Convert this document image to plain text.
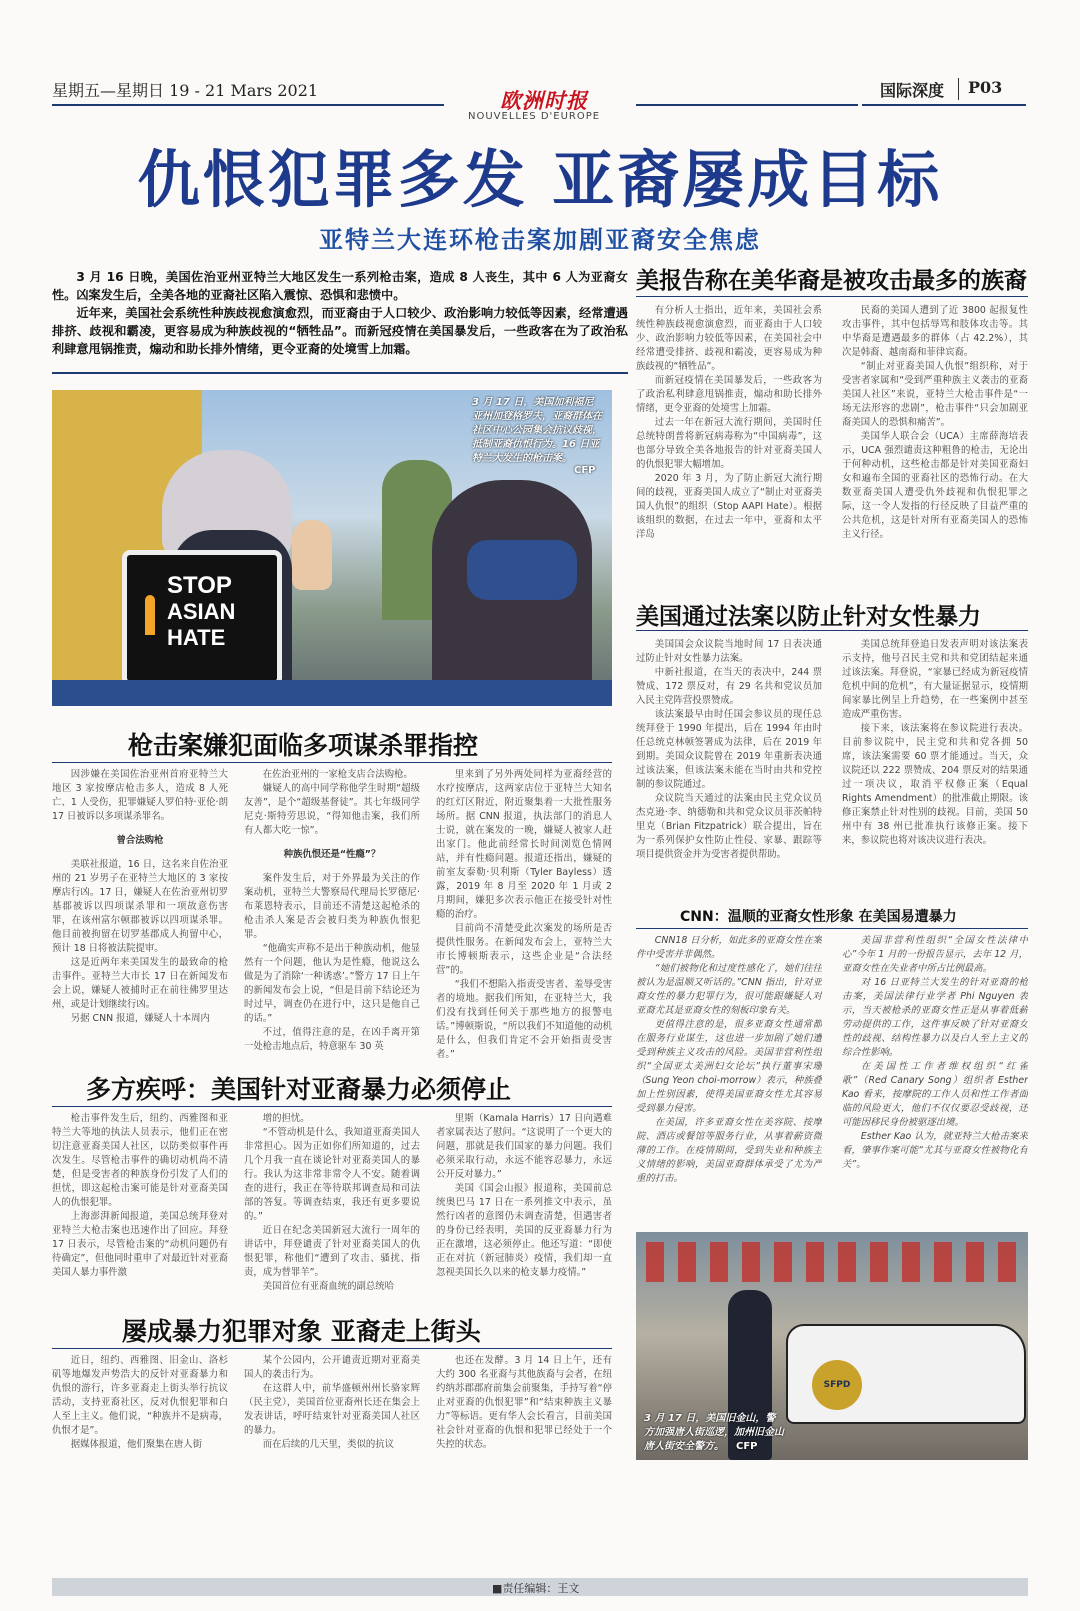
星期五—星期日 19 - 21 Mars 2021	欧洲时报
NOUVELLES D'EUROPE
国际深度 P03
仇恨犯罪多发 亚裔屡成目标
亚特兰大连环枪击案加剧亚裔安全焦虑

3 月 16 日晚，美国佐治亚州亚特兰大地区发生一系列枪击案，造成 8 人丧生，其中 6 人为亚裔女性。凶案发生后，全美各地的亚裔社区陷入震惊、恐惧和悲愤中。

近年来，美国社会系统性种族歧视愈演愈烈，而亚裔由于人口较少、政治影响力较低等因素，经常遭遇排挤、歧视和霸凌，更容易成为种族歧视的“牺牲品”。而新冠疫情在美国暴发后，一些政客在为了政治私利肆意甩锅推责，煽动和助长排外情绪，更令亚裔的处境雪上加霜。

STOP
ASIAN
HATE
3 月 17 日，美国加利福尼亚州加登格罗夫，亚裔群体在社区中心公园集会抗议歧视，抵制亚裔仇恨行为。16 日亚特兰大发生的枪击案。
CFP
美报告称在美华裔是被攻击最多的族裔

有分析人士指出，近年来，美国社会系统性种族歧视愈演愈烈，而亚裔由于人口较少、政治影响力较低等因素，在美国社会中经常遭受排挤、歧视和霸凌，更容易成为种族歧视的“牺牲品”。

而新冠疫情在美国暴发后，一些政客为了政治私利肆意甩锅推责，煽动和助长排外情绪，更令亚裔的处境雪上加霜。

过去一年在新冠大流行期间，美国时任总统特朗普将新冠病毒称为“中国病毒”，这也部分导致全美各地报告的针对亚裔美国人的仇恨犯罪大幅增加。

2020 年 3 月，为了防止新冠大流行期间的歧视，亚裔美国人成立了“制止对亚裔美国人仇恨”的组织（Stop AAPI Hate）。根据该组织的数据，在过去一年中，亚裔和太平洋岛

民裔的美国人遭到了近 3800 起报复性攻击事件，其中包括辱骂和肢体攻击等。其中华裔是遭遇最多的群体（占 42.2%），其次是韩裔、越南裔和菲律宾裔。

“制止对亚裔美国人仇恨”组织称，对于受害者家属和“受到严重种族主义袭击的亚裔美国人社区”来说，亚特兰大枪击事件是“一场无法形容的悲剧”，枪击事件“只会加剧亚裔美国人的恐惧和痛苦”。

美国华人联合会（UCA）主席薛海培表示，UCA 强烈谴责这种粗鲁的枪击，无论出于何种动机，这些枪击都是针对美国亚裔妇女和遍布全国的亚裔社区的恐怖行动。在大数亚裔美国人遭受仇外歧视和仇恨犯罪之际，这一令人发指的行径反映了目益严重的公共危机，这是针对所有亚裔美国人的恐怖主义行径。

美国通过法案以防止针对女性暴力

美国国会众议院当地时间 17 日表决通过防止针对女性暴力法案。

中新社报道，在当天的表决中，244 票赞成、172 票反对，有 29 名共和党议员加入民主党阵营投票赞成。

该法案最早由时任国会参议员的现任总统拜登于 1990 年提出，后在 1994 年由时任总统克林顿签署成为法律，后在 2019 年到期。美国众议院曾在 2019 年重新表决通过该法案，但该法案未能在当时由共和党控制的参议院通过。

众议院当天通过的法案由民主党众议员杰克逊·李、纳德勒和共和党众议员菲茨帕特里克（Brian Fitzpatrick）联合提出，旨在为一系列保护女性防止性侵、家暴、跟踪等项目提供资金并为受害者提供帮助。

美国总统拜登追日发表声明对该法案表示支持，他号召民主党和共和党团结起来通过该法案。拜登说，“家暴已经成为新冠疫情危机中间的危机”，有大量证据显示，疫情期间家暴比例呈上升趋势，在一些案例中甚至造成严重伤害。

接下来，该法案将在参议院进行表决。目前参议院中，民主党和共和党各拥 50 席，该法案需要 60 票才能通过。当天，众议院还以 222 票赞成、204 票反对的结果通过一项决议，取消平权修正案（Equal Rights Amendment）的批准截止期限。该修正案禁止针对性别的歧视。目前，美国 50 州中有 38 州已批准执行该修正案。接下来，参议院也将对该决议进行表决。

CNN：温顺的亚裔女性形象 在美国易遭暴力

CNN18 日分析，如此多的亚裔女性在案件中受害并非偶然。

“她们被物化和过度性感化了，她们往往被认为是温顺又听话的。”CNN 指出，针对亚裔女性的暴力犯罪行为，很可能跟嫌疑人对亚裔尤其是亚裔女性的刻板印象有关。

更值得注意的是，很多亚裔女性通常都在服务行业谋生，这也进一步加剧了她们遭受到种族主义攻击的风险。美国非营利性组织“全国亚太美洲妇女论坛”执行董事宋珊（Sung Yeon choi-morrow）表示，种族叠加上性别因素，使得美国亚裔女性尤其容易受到暴力侵害。

在美国，许多亚裔女性在美容院、按摩院、酒店或餐馆等服务行业，从事着薪资微薄的工作。在疫情期间，受到失业和种族主义情绪的影响，美国亚裔群体承受了尤为严重的打击。

美国非营利性组织“全国女性法律中心”今年 1 月的一份报告显示，去年 12 月，亚裔女性在失业者中所占比例最高。

对 16 日亚特兰大发生的针对亚裔的枪击案，美国法律行业学者 Phi Nguyen 表示，当天被枪杀的亚裔女性正是从事着低薪劳动提供的工作，这件事反映了针对亚裔女性的歧视、结构性暴力以及白人至上主义的综合性影响。

在美国性工作者维权组织“红雀歌”（Red Canary Song）组织者 Esther Kao 看来，按摩院的工作人员和性工作者面临的风险更大，他们不仅仅要忍受歧视，还可能因移民身份被驱逐出境。

Esther Kao 认为，就亚特兰大枪击案来看，肇事作案可能“尤其与亚裔女性被物化有关”。

枪击案嫌犯面临多项谋杀罪指控

因涉嫌在美国佐治亚州首府亚特兰大地区 3 家按摩店枪击多人，造成 8 人死亡、1 人受伤，犯罪嫌疑人罗伯特·亚伦·朗 17 日被诉以多项谋杀罪名。

曾合法购枪

美联社报道，16 日，这名来自佐治亚州的 21 岁男子在亚特兰大地区的 3 家按摩店行凶。17 日，嫌疑人在佐治亚州切罗基郡被诉以四项谋杀罪和一项故意伤害罪，在该州富尔顿郡被诉以四项谋杀罪。他目前被拘留在切罗基郡成人拘留中心，预计 18 日将被法院提审。

这是近两年来美国发生的最致命的枪击事件。亚特兰大市长 17 日在新闻发布会上说，嫌疑人被捕时正在前往佛罗里达州，或是计划继续行凶。

另据 CNN 报道，嫌疑人十本周内

在佐治亚州的一家枪支店合法购枪。

嫌疑人的高中同学称他学生时期“超级友善”，是个“超级基督徒”。其七年级同学尼克·斯特劳思说，“得知他击案，我们所有人都大吃一惊”。

种族仇恨还是“性瘾”？

案件发生后，对于外界最为关注的作案动机，亚特兰大警察局代理局长罗德尼·布莱恩特表示，目前还不清楚这起枪杀的枪击杀人案是否会被归类为种族仇恨犯罪。

“他确实声称不是出于种族动机，他显然有一个问题，他认为是性瘾，他说这么做是为了消除‘一种诱惑’。”警方 17 日上午的新闻发布会上说，“但是目前下结论还为时过早，调查仍在进行中，这只是他自己的话。”

不过，值得注意的是，在凶手离开第一处枪击地点后，特意驱车 30 英

里来到了另外两处同样为亚裔经营的水疗按摩店，这两家店位于亚特兰大知名的红灯区附近，附近聚集着一大批性服务场所。据 CNN 报道，执法部门的消息人士说，就在案发的一晚，嫌疑人被家人赶出家门。他此前经常长时间浏览色情网站，并有性瘾问题。报道还指出，嫌疑的前室友泰勒·贝利斯（Tyler Bayless）透露，2019 年 8 月至 2020 年 1 月或 2 月期间，嫌犯多次表示他正在接受针对性瘾的治疗。

目前尚不清楚受此次案发的场所是否提供性服务。在新闻发布会上，亚特兰大市长博顿斯表示，这些企业是“合法经营”的。

“我们不想陷入指责受害者、羞辱受害者的境地。据我们所知，在亚特兰大，我们没有找到任何关于那些地方的报警电话。”博顿斯说，“所以我们不知道他的动机是什么，但我们肯定不会开始指责受害者。”

多方疾呼：美国针对亚裔暴力必须停止

枪击事件发生后，纽约、西雅图和亚特兰大等地的执法人员表示，他们正在密切注意亚裔美国人社区，以防类似事件再次发生。尽管枪击事件的确切动机尚不清楚，但是受害者的种族身份引发了人们的担忧，即这起枪击案可能是针对亚裔美国人的仇恨犯罪。

上海澎湃新闻报道，美国总统拜登对亚特兰大枪击案也迅速作出了回应。拜登 17 日表示，尽管枪击案的“动机问题仍有待确定”，但他同时重申了对最近针对亚裔美国人暴力事件激

增的担忧。

“不管动机是什么，我知道亚裔美国人非常担心。因为正如你们所知道的，过去几个月我一直在谈论针对亚裔美国人的暴行。我认为这非常非常令人不安。随着调查的进行，我正在等待联邦调查局和司法部的答复。等调查结束，我还有更多要说的。”

近日在纪念美国新冠大流行一周年的讲话中，拜登谴责了针对亚裔美国人的仇恨犯罪，称他们“遭到了攻击、骚扰、指责，成为替罪羊”。

美国首位有亚裔血统的副总统哈

里斯（Kamala Harris）17 日向遇难者家属表达了慰问。“这说明了一个更大的问题，那就是我们国家的暴力问题。我们必须采取行动，永远不能容忍暴力，永远公开反对暴力。”

美国《国会山报》报道称，美国前总统奥巴马 17 日在一系列推文中表示，虽然行凶者的意图仍未调查清楚，但遇害者的身份已经表明，美国的反亚裔暴力行为正在激增，这必须停止。他还写道：“即使正在对抗（新冠肺炎）疫情，我们却一直忽视美国长久以来的枪支暴力疫情。”

屡成暴力犯罪对象 亚裔走上街头

近日，纽约、西雅图、旧金山、洛杉矶等地爆发声势浩大的反针对亚裔暴力和仇恨的游行，许多亚裔走上街头举行抗议活动，支持亚裔社区，反对仇恨犯罪和白人至上主义。他们说，“种族并不是病毒，仇恨才是”。

据媒体报道，他们聚集在唐人街

某个公园内，公开谴责近期对亚裔美国人的袭击行为。

在这群人中，前华盛顿州州长骆家辉（民主党），美国首位亚裔州长还在集会上发表讲话，呼吁结束针对亚裔美国人社区的暴力。

而在后续的几天里，类似的抗议

也还在发酵。3 月 14 日上午，还有大约 300 名亚裔与其他族裔与会者，在纽约纳苏郡郡府前集会前聚集，手持写着“停止对亚裔的仇恨犯罪”和“结束种族主义暴力”等标语。更有华人会长看言，目前美国社会针对亚裔的仇恨和犯罪已经处于一个失控的状态。

SFPD
3 月 17 日，美国旧金山，警方加强唐人街巡逻，加州旧金山唐人街安全警方。	CFP
■责任编辑：王文
